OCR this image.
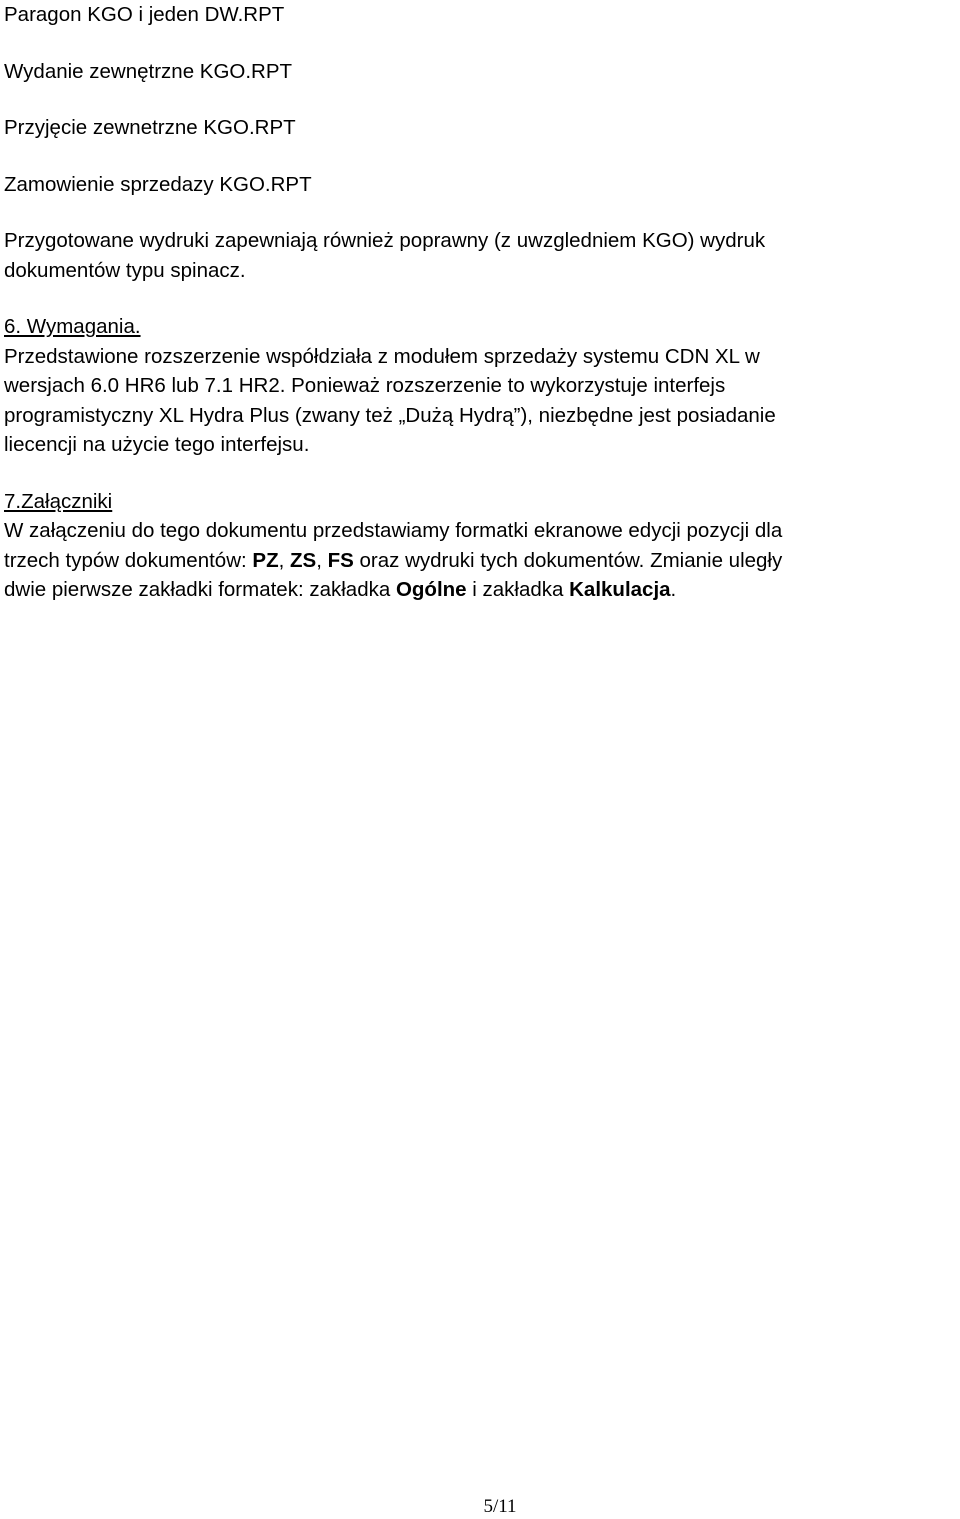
Paragon KGO i jeden DW.RPT

Wydanie zewnętrzne KGO.RPT

Przyjęcie zewnetrzne KGO.RPT

Zamowienie sprzedazy KGO.RPT

Przygotowane wydruki zapewniają również poprawny (z uwzgledniem KGO) wydruk
dokumentów typu spinacz.
6. Wymagania.
Przedstawione rozszerzenie współdziała z modułem sprzedaży systemu CDN XL w
wersjach 6.0 HR6 lub 7.1 HR2. Ponieważ rozszerzenie to wykorzystuje interfejs
programistyczny XL Hydra Plus (zwany też „Dużą Hydrą”), niezbędne jest posiadanie
liecencji na użycie tego interfejsu.
7.Załączniki
W załączeniu do tego dokumentu przedstawiamy formatki ekranowe edycji pozycji dla
trzech typów dokumentów: PZ, ZS, FS oraz wydruki tych dokumentów. Zmianie uległy
dwie pierwsze zakładki formatek: zakładka Ogólne i zakładka Kalkulacja.
5/11
